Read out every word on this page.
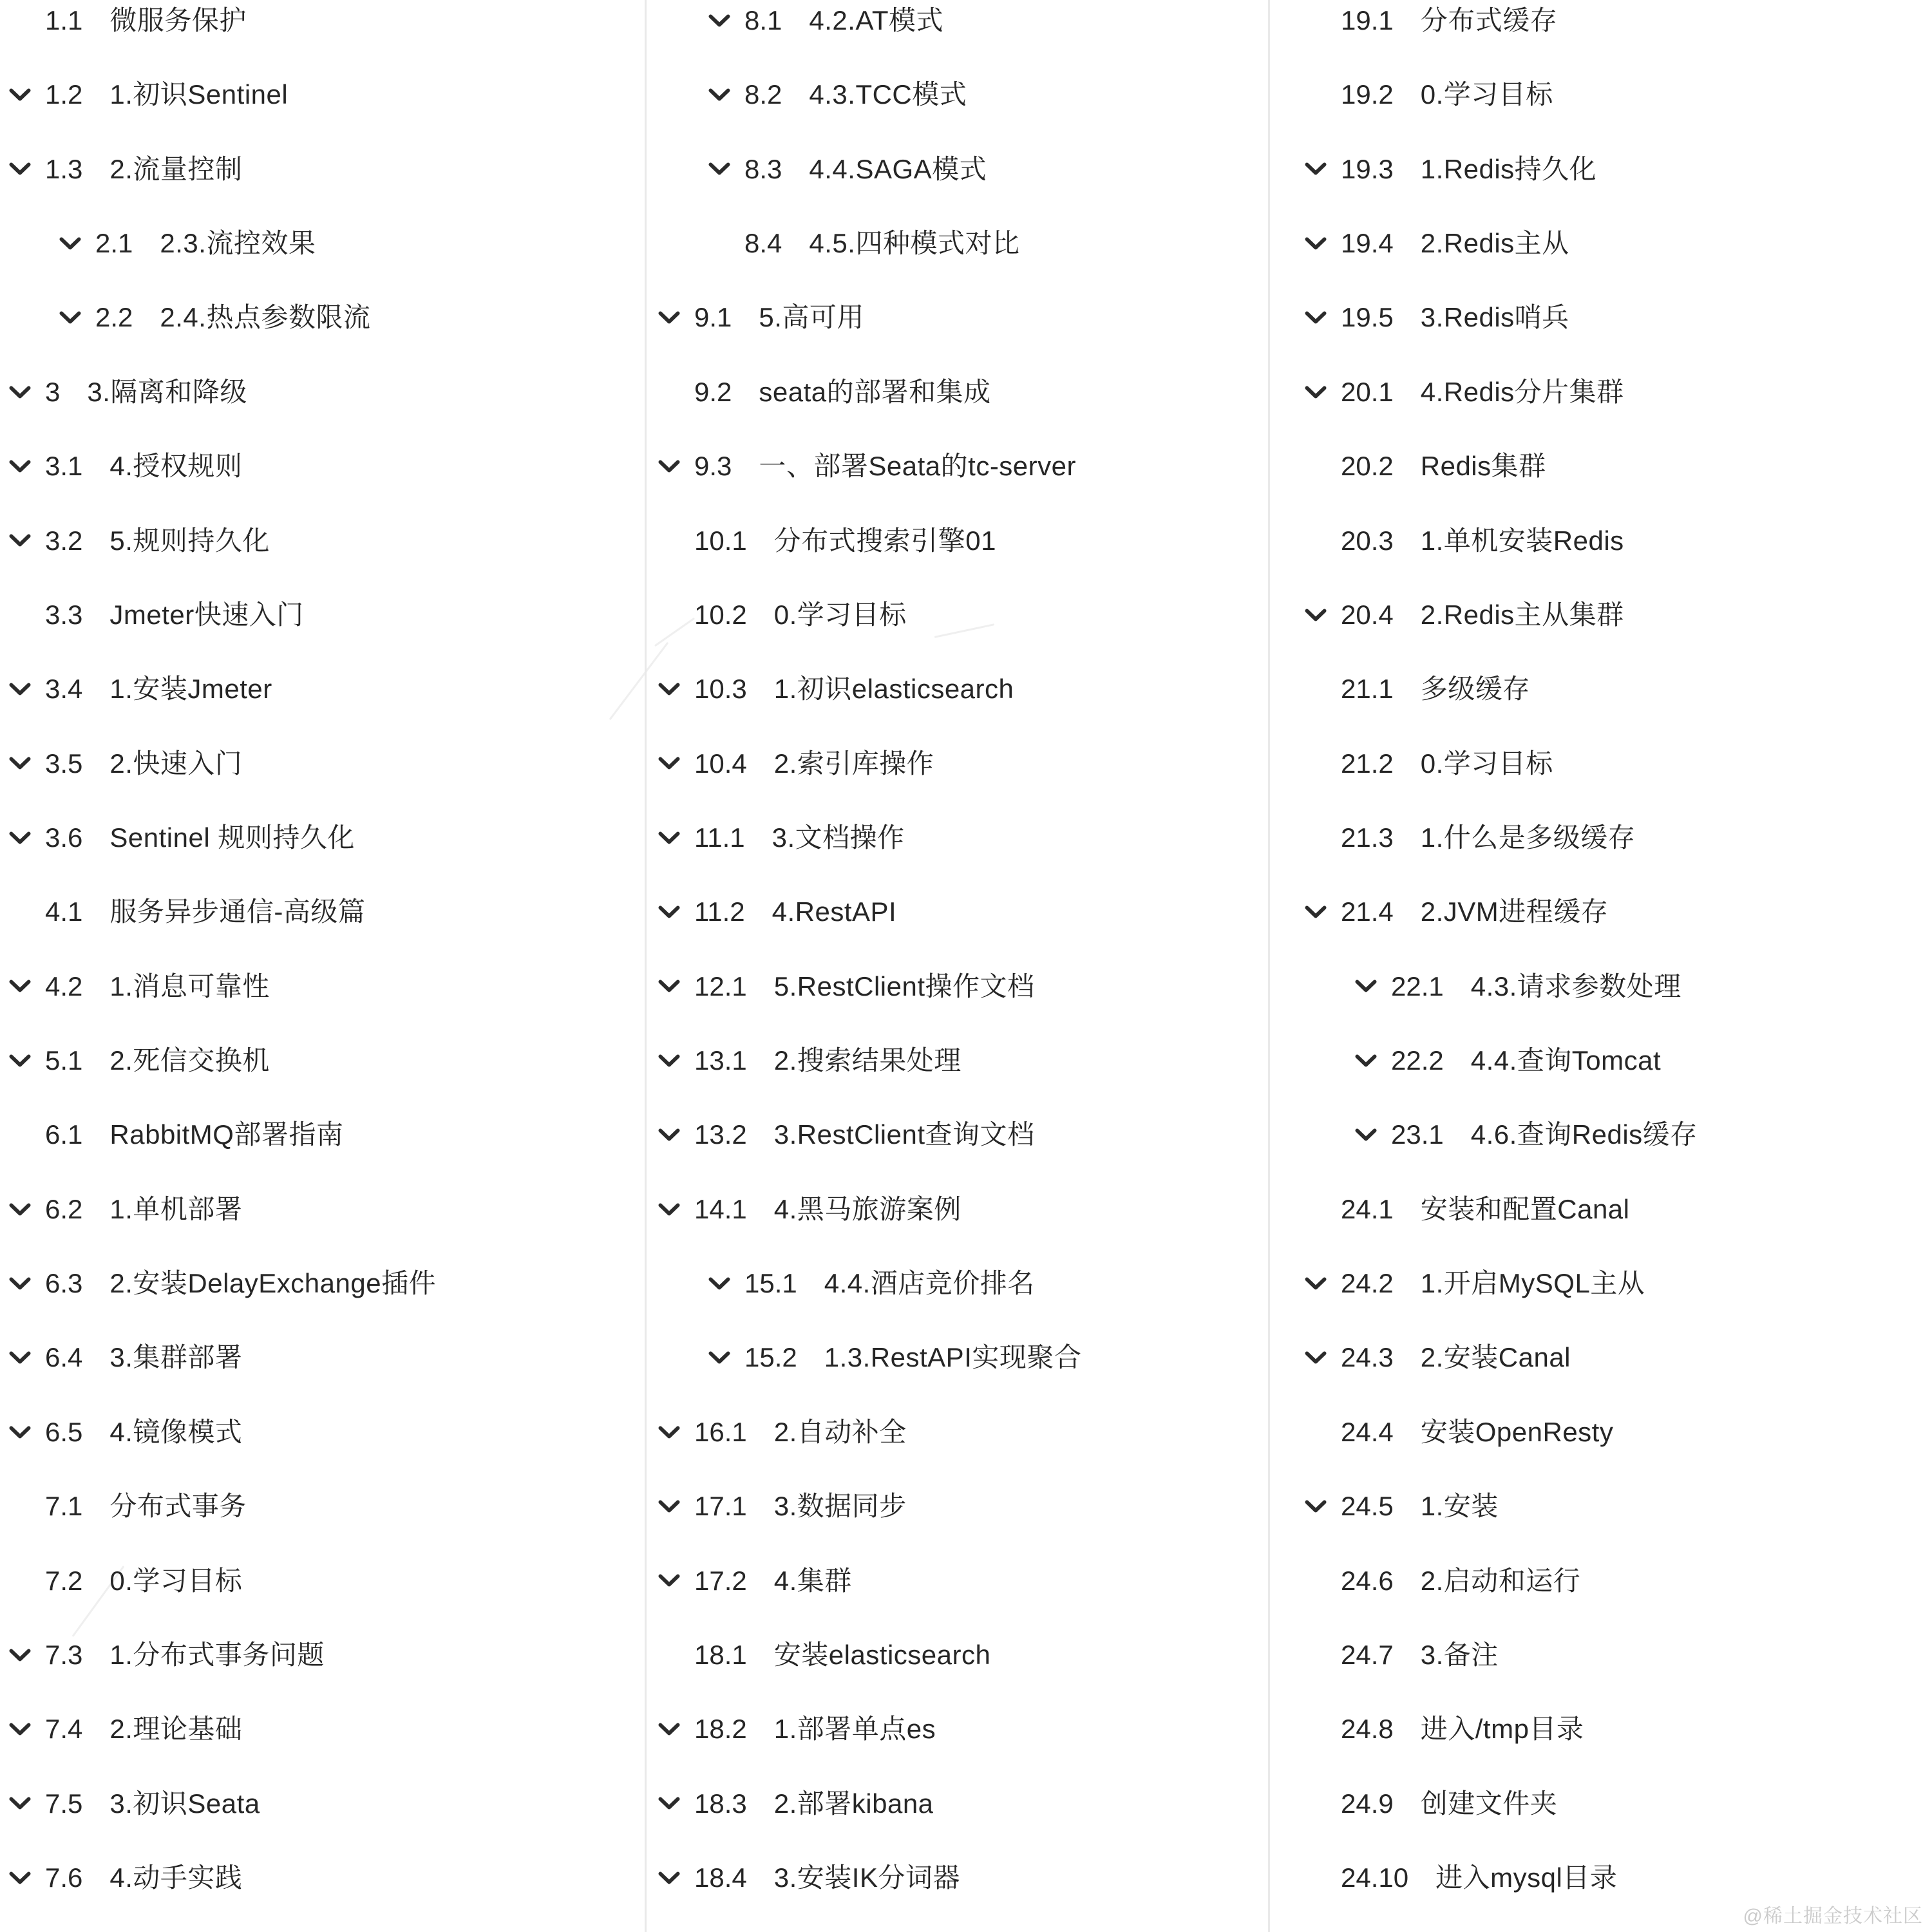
1.1 微服务保护
1.2 1.初识Sentinel
1.3 2.流量控制
2.1 2.3.流控效果
2.2 2.4.热点参数限流
3 3.隔离和降级
3.1 4.授权规则
3.2 5.规则持久化
3.3 Jmeter快速入门
3.4 1.安装Jmeter
3.5 2.快速入门
3.6 Sentinel 规则持久化
4.1 服务异步通信-高级篇
4.2 1.消息可靠性
5.1 2.死信交换机
6.1 RabbitMQ部署指南
6.2 1.单机部署
6.3 2.安装DelayExchange插件
6.4 3.集群部署
6.5 4.镜像模式
7.1 分布式事务
7.2 0.学习目标
7.3 1.分布式事务问题
7.4 2.理论基础
7.5 3.初识Seata
7.6 4.动手实践
8.1 4.2.AT模式
8.2 4.3.TCC模式
8.3 4.4.SAGA模式
8.4 4.5.四种模式对比
9.1 5.高可用
9.2 seata的部署和集成
9.3 一、部署Seata的tc-server
10.1 分布式搜索引擎01
10.2 0.学习目标
10.3 1.初识elasticsearch
10.4 2.索引库操作
11.1 3.文档操作
11.2 4.RestAPI
12.1 5.RestClient操作文档
13.1 2.搜索结果处理
13.2 3.RestClient查询文档
14.1 4.黑马旅游案例
15.1 4.4.酒店竞价排名
15.2 1.3.RestAPI实现聚合
16.1 2.自动补全
17.1 3.数据同步
17.2 4.集群
18.1 安装elasticsearch
18.2 1.部署单点es
18.3 2.部署kibana
18.4 3.安装IK分词器
19.1 分布式缓存
19.2 0.学习目标
19.3 1.Redis持久化
19.4 2.Redis主从
19.5 3.Redis哨兵
20.1 4.Redis分片集群
20.2 Redis集群
20.3 1.单机安装Redis
20.4 2.Redis主从集群
21.1 多级缓存
21.2 0.学习目标
21.3 1.什么是多级缓存
21.4 2.JVM进程缓存
22.1 4.3.请求参数处理
22.2 4.4.查询Tomcat
23.1 4.6.查询Redis缓存
24.1 安装和配置Canal
24.2 1.开启MySQL主从
24.3 2.安装Canal
24.4 安装OpenResty
24.5 1.安装
24.6 2.启动和运行
24.7 3.备注
24.8 进入/tmp目录
24.9 创建文件夹
24.10 进入mysql目录
@稀土掘金技术社区
